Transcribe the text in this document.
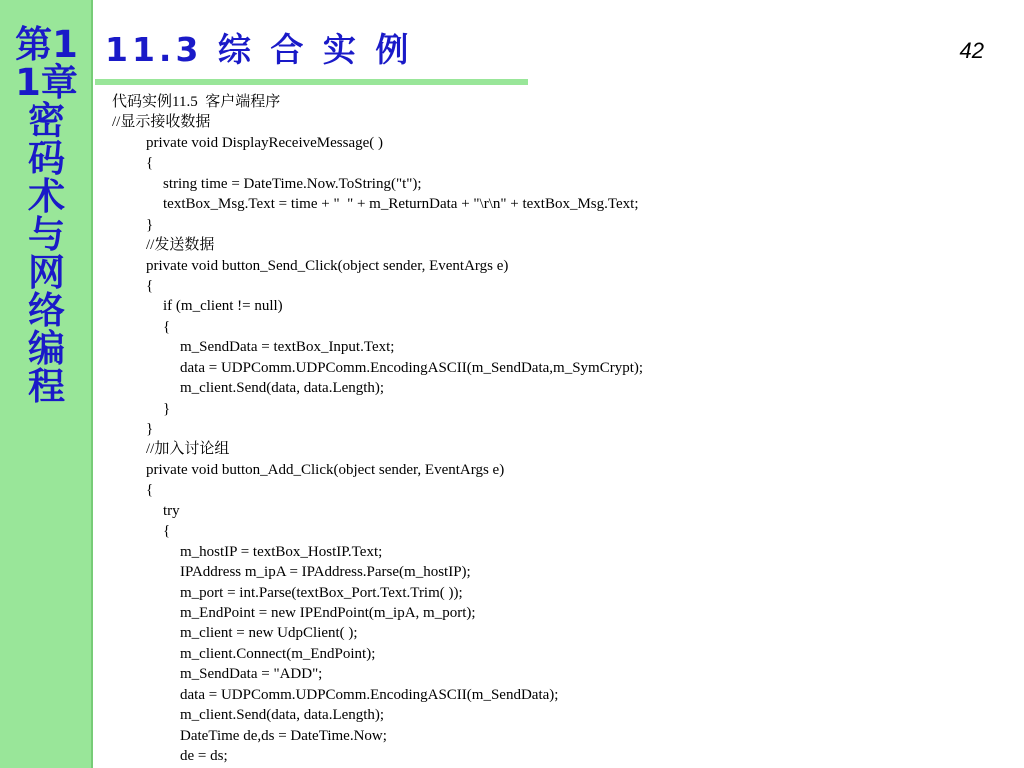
第11章 密码术与网络编程
11.3 综 合 实 例	42
代码实例11.5  客户端程序
//显示接收数据
private void DisplayReceiveMessage( )
{
string time = DateTime.Now.ToString("t");
textBox_Msg.Text = time + "  " + m_ReturnData + "\r\n" + textBox_Msg.Text;
}
//发送数据
private void button_Send_Click(object sender, EventArgs e)
{
if (m_client != null)
{
m_SendData = textBox_Input.Text;
data = UDPComm.UDPComm.EncodingASCII(m_SendData,m_SymCrypt);
m_client.Send(data, data.Length);
}
}
//加入讨论组
private void button_Add_Click(object sender, EventArgs e)
{
try
{
m_hostIP = textBox_HostIP.Text;
IPAddress m_ipA = IPAddress.Parse(m_hostIP);
m_port = int.Parse(textBox_Port.Text.Trim( ));
m_EndPoint = new IPEndPoint(m_ipA, m_port);
m_client = new UdpClient( );
m_client.Connect(m_EndPoint);
m_SendData = "ADD";
data = UDPComm.UDPComm.EncodingASCII(m_SendData);
m_client.Send(data, data.Length);
DateTime de,ds = DateTime.Now;
de = ds;
